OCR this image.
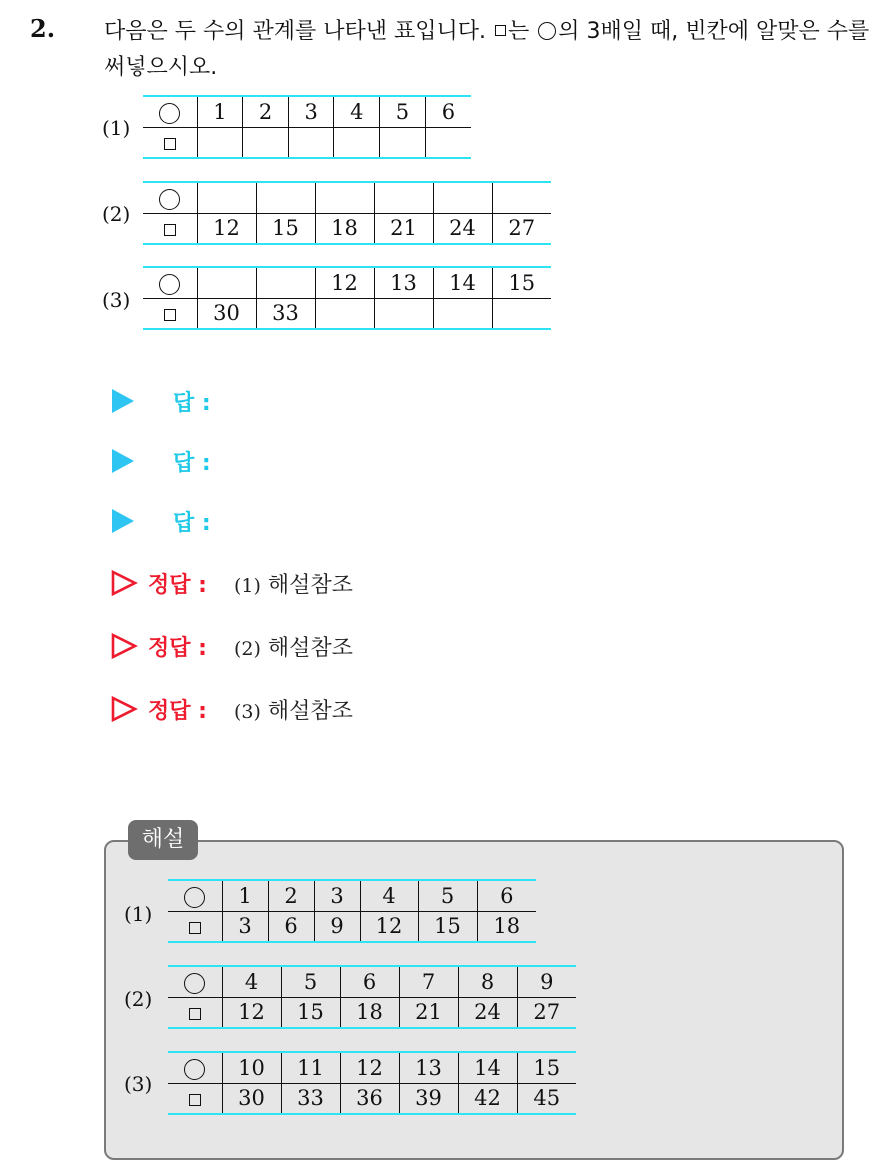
2. 다음은 두 수의 관계를 나타낸 표입니다. 는 의 3배일 때, 빈칸에 알맞은 수를 써넣으시오.
(1)
	1	2	3	4	5	6

(2)

	12	15	18	21	24	27
(3)
			12	13	14	15
	30	33				
답 :
답 :
답 :
정답 : (1) 해설참조
정답 : (2) 해설참조
정답 : (3) 해설참조
해설
(1)
	1	2	3	4	5	6
	3	6	9	12	15	18
(2)
	4	5	6	7	8	9
	12	15	18	21	24	27
(3)
	10	11	12	13	14	15
	30	33	36	39	42	45
